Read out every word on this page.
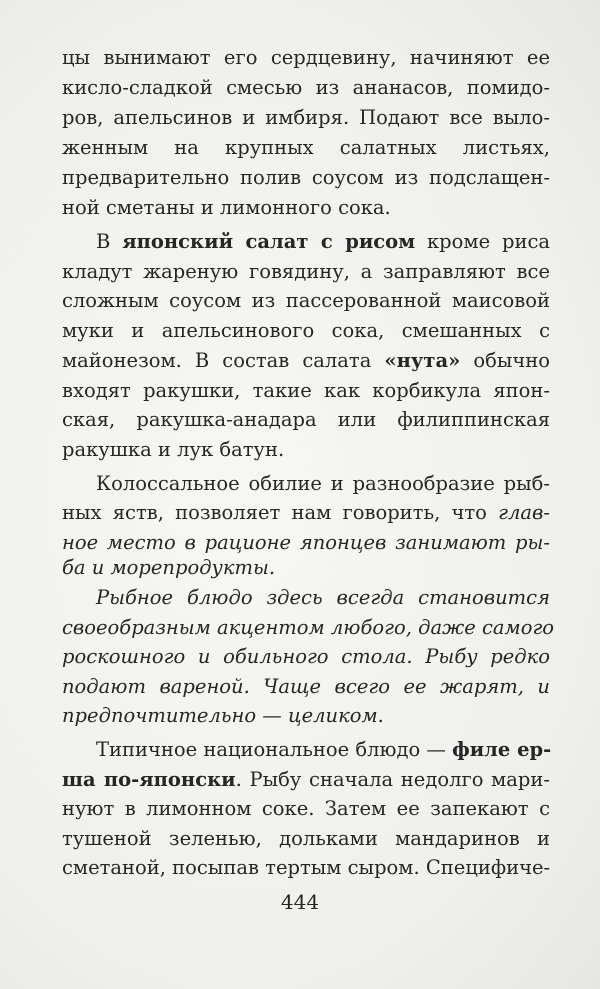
цы вынимают его сердцевину, начиняют ее
кисло-сладкой смесью из ананасов, помидо-
ров, апельсинов и имбиря. Подают все выло-
женным на крупных салатных листьях,
предварительно полив соусом из подслащен-
ной сметаны и лимонного сока.
В японский салат с рисом кроме риса
кладут жареную говядину, а заправляют все
сложным соусом из пассерованной маисовой
муки и апельсинового сока, смешанных с
майонезом. В состав салата «нута» обычно
входят ракушки, такие как корбикула япон-
ская, ракушка-анадара или филиппинская
ракушка и лук батун.
Колоссальное обилие и разнообразие рыб-
ных яств, позволяет нам говорить, что глав-
ное место в рационе японцев занимают ры-
ба и морепродукты.
Рыбное блюдо здесь всегда становится
своеобразным акцентом любого, даже самого
роскошного и обильного стола. Рыбу редко
подают вареной. Чаще всего ее жарят, и
предпочтительно — целиком.
Типичное национальное блюдо — филе ер-
ша по-японски. Рыбу сначала недолго мари-
нуют в лимонном соке. Затем ее запекают с
тушеной зеленью, дольками мандаринов и
сметаной, посыпав тертым сыром. Специфиче-
444
